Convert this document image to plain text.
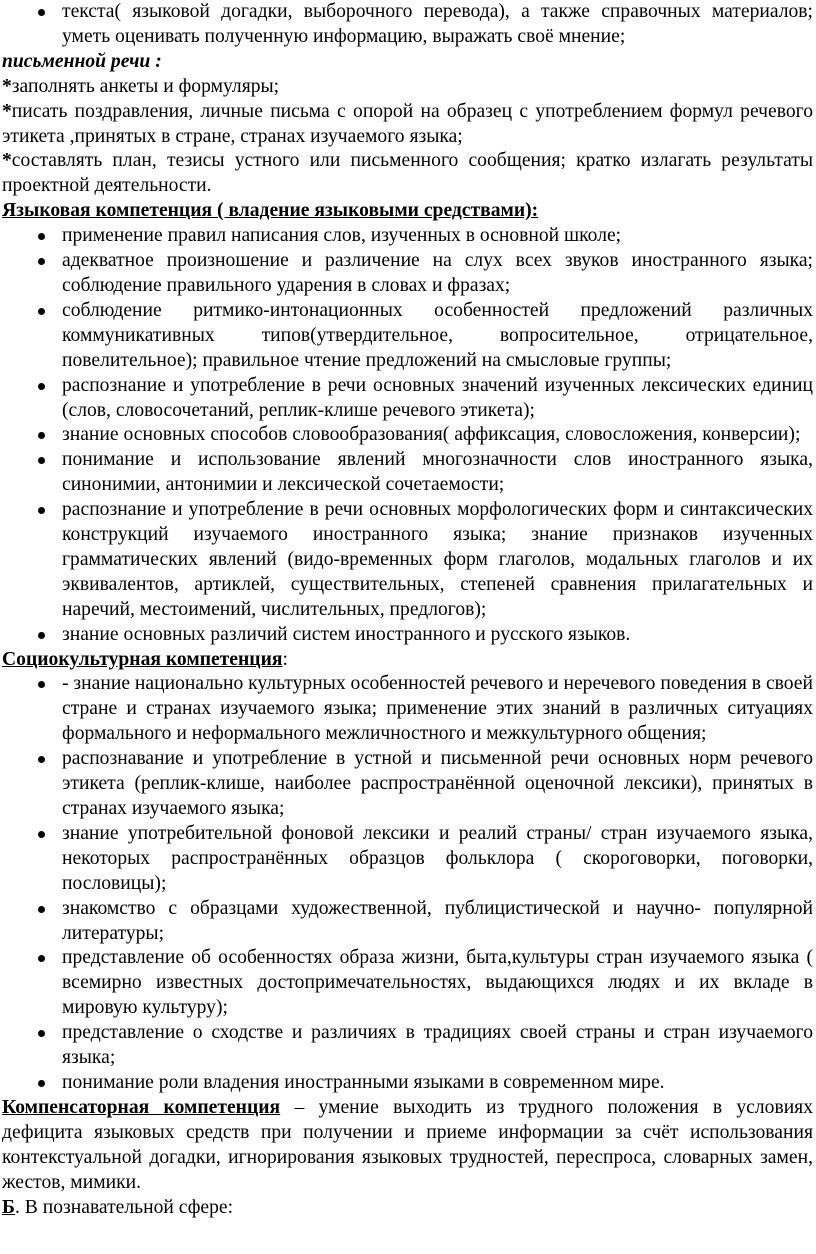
текста( языковой догадки, выборочного перевода), а также справочных материалов; уметь оценивать полученную информацию, выражать своё мнение;
письменной речи :
*заполнять анкеты и формуляры;
*писать поздравления, личные письма с опорой на образец с употреблением формул речевого этикета ,принятых в стране, странах изучаемого языка;
*составлять план, тезисы устного или письменного сообщения; кратко излагать результаты проектной деятельности.
Языковая компетенция ( владение языковыми средствами):
применение правил написания слов, изученных в основной школе;
адекватное произношение и различение на слух всех звуков иностранного языка; соблюдение правильного ударения в словах и фразах;
соблюдение ритмико-интонационных особенностей предложений различных коммуникативных типов(утвердительное, вопросительное, отрицательное, повелительное); правильное чтение предложений на смысловые группы;
распознание и употребление в речи основных значений изученных лексических единиц (слов, словосочетаний, реплик-клише речевого этикета);
знание основных способов словообразования( аффиксация, словосложения, конверсии);
понимание и использование явлений многозначности слов иностранного языка, синонимии, антонимии и лексической сочетаемости;
распознание и употребление в речи основных морфологических форм и синтаксических конструкций изучаемого иностранного языка; знание признаков изученных грамматических явлений (видо-временных форм глаголов, модальных глаголов и их эквивалентов, артиклей, существительных, степеней сравнения прилагательных и наречий, местоимений, числительных, предлогов);
знание основных различий систем иностранного и русского языков.
Социокультурная компетенция:
- знание национально культурных особенностей речевого и неречевого поведения в своей стране и странах изучаемого языка; применение этих знаний в различных ситуациях формального и неформального межличностного и межкультурного общения;
распознавание и употребление в устной и письменной речи основных норм речевого этикета (реплик-клише, наиболее распространённой оценочной лексики), принятых в странах изучаемого языка;
знание употребительной фоновой лексики и реалий страны/ стран изучаемого языка, некоторых распространённых образцов фольклора ( скороговорки, поговорки, пословицы);
знакомство с образцами художественной, публицистической и научно- популярной литературы;
представление об особенностях образа жизни, быта,культуры стран изучаемого языка ( всемирно известных достопримечательностях, выдающихся людях и их вкладе в мировую культуру);
представление о сходстве и различиях в традициях своей страны и стран изучаемого языка;
понимание роли владения иностранными языками в современном мире.
Компенсаторная компетенция – умение выходить из трудного положения в условиях дефицита языковых средств при получении и приеме информации за счёт использования контекстуальной догадки, игнорирования языковых трудностей, переспроса, словарных замен, жестов, мимики.
Б. В познавательной сфере:
